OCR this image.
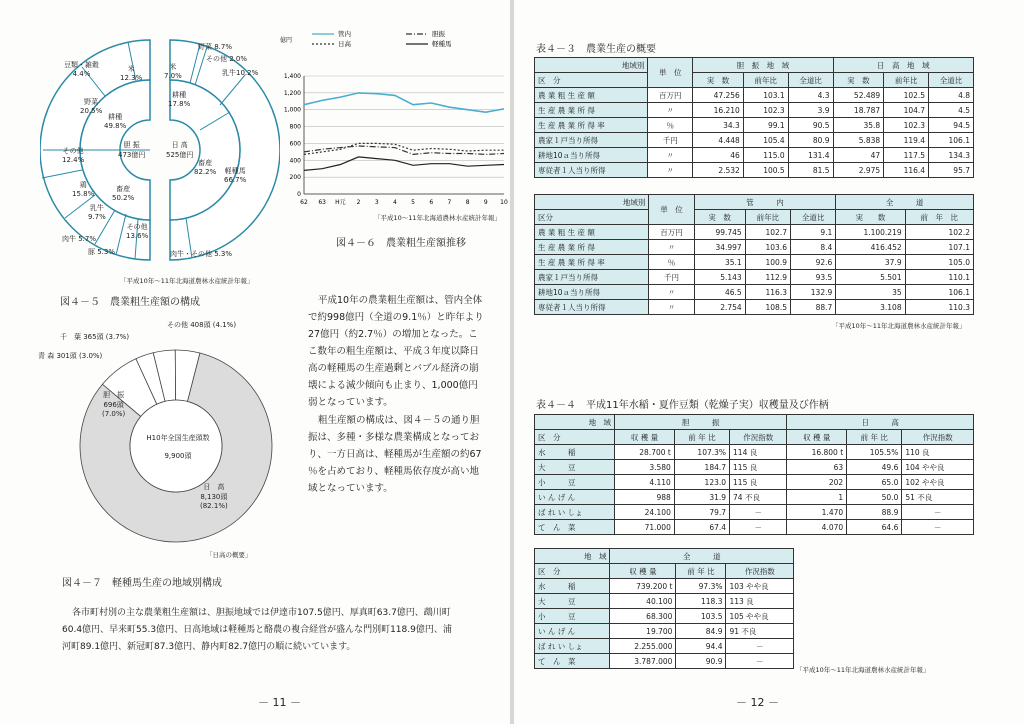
豆類・雑穀
4.4%
米
12.3%
野菜
20.5%
耕種
49.8%
胆 振
473億円
その他
12.4%
畜産
50.2%
鶏
15.8%
乳牛
9.7%
肉牛 5.7%
豚 5.3%
その他
13.6%
野菜 8.7%
その他 2.0%
米
7.0%	乳牛10.2%
耕種
17.8%
日 高
525億円
畜産
82.2% 軽種馬
66.7%
肉牛・その他 5.3%
「平成10年～11年北海道農林水産統計年報」
図４－５　農業粗生産額の構成
億円
0
200
400
600
800
1,000
1,200
1,400
62 63 H元 2 3 4 5 6 7 8 9 10
管内	胆振
日高	軽種馬
「平成10～11年北海道農林水産統計年報」
図４－６　農業粗生産額推移
その他 408頭 (4.1%)
千　葉 365頭 (3.7%)
青 森 301頭 (3.0%)
胆　振
696頭
(7.0%)
H10年全国生産頭数

9,900頭
日　高
8,130頭
(82.1%)
「日高の概要」
図４－７　軽種馬生産の地域別構成
平成10年の農業粗生産額は、管内全体
で約998億円（全道の9.1％）と昨年より
27億円（約2.7％）の増加となった。こ
こ数年の粗生産額は、平成３年度以降日
高の軽種馬の生産過剰とバブル経済の崩
壊による減少傾向も止まり、1,000億円
弱となっています。
粗生産額の構成は、図４－５の通り胆
振は、多種・多様な農業構成となってお
り、一方日高は、軽種馬が生産額の約67
％を占めており、軽種馬依存度が高い地
域となっています。
各市町村別の主な農業粗生産額は、胆振地域では伊達市107.5億円、厚真町63.7億円、鵡川町
60.4億円、早来町55.3億円、日高地域は軽種馬と酪農の複合経営が盛んな門別町118.9億円、浦
河町89.1億円、新冠町87.3億円、静内町82.7億円の順に続いています。
－ 11 －
表４－３　農業生産の概要
地域別	単　位	胆　振　地　域			日　高　地　域		
区　分		実　数	前年比	全道比	実　数	前年比	全道比
農 業 粗 生 産 額	百万円	47.256	103.1	4.3	52.489	102.5	4.8
生 産 農 業 所 得	〃	16.210	102.3	3.9	18.787	104.7	4.5
生 産 農 業 所 得 率	％	34.3	99.1	90.5	35.8	102.3	94.5
農家１戸当り所得	千円	4.448	105.4	80.9	5.838	119.4	106.1
耕地10ａ当り所得	〃	46	115.0	131.4	47	117.5	134.3
専従者１人当り所得	〃	2.532	100.5	81.5	2.975	116.4	95.7
地域別	単　位	管　　　内			全　　　道	
区分		実　数	前年比	全道比	実　　数	前　年　比
農 業 粗 生 産 額	百万円	99.745	102.7	9.1	1.100.219	102.2
生 産 農 業 所 得	〃	34.997	103.6	8.4	416.452	107.1
生 産 農 業 所 得 率	％	35.1	100.9	92.6	37.9	105.0
農家１戸当り所得	千円	5.143	112.9	93.5	5.501	110.1
耕地10ａ当り所得	〃	46.5	116.3	132.9	35	106.1
専従者１人当り所得	〃	2.754	108.5	88.7	3.108	110.3
「平成10年～11年北海道農林水産統計年報」
表４－４　平成11年水稲・夏作豆類（乾燥子実）収穫量及び作柄
地　域	胆　　　振			日　　　高		
区　分	収 穫 量	前 年 比	作況指数	収 穫 量	前 年 比	作況指数
水　　　稲	28.700 t	107.3%	114 良	16.800 t	105.5%	110 良
大　　　豆	3.580	184.7	115 良	63	49.6	104 やや良
小　　　豆	4.110	123.0	115 良	202	65.0	102 やや良
い ん げ ん	988	31.9	74 不良	1	50.0	51 不良
ば れ い しょ	24.100	79.7	－	1.470	88.9	－
て　ん　菜	71.000	67.4	－	4.070	64.6	－
地　域	全　　　道		
区　分	収 穫 量	前 年 比	作況指数
水　　　稲	739.200 t	97.3%	103 やや良
大　　　豆	40.100	118.3	113 良
小　　　豆	68.300	103.5	105 やや良
い ん げ ん	19.700	84.9	91 不良
ば れ い しょ	2.255.000	94.4	－
て　ん　菜	3.787.000	90.9	－
「平成10年～11年北海道農林水産統計年報」
－ 12 －
